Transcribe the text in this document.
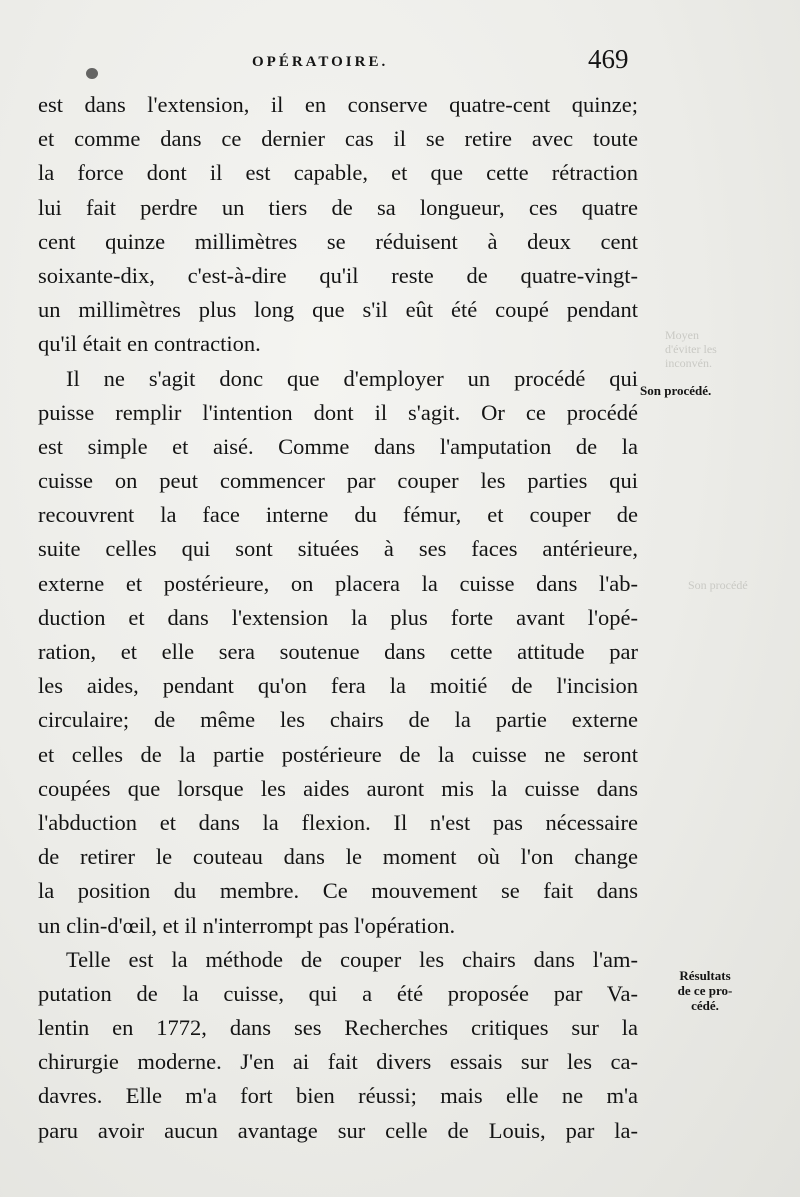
Moyen
d'éviter les
inconvén.
Son procédé
OPÉRATOIRE.	469
est dans l'extension, il en conserve quatre-cent quinze;
et comme dans ce dernier cas il se retire avec toute
la force dont il est capable, et que cette rétraction
lui fait perdre un tiers de sa longueur, ces quatre
cent quinze millimètres se réduisent à deux cent
soixante-dix, c'est-à-dire qu'il reste de quatre-vingt-
un millimètres plus long que s'il eût été coupé pendant
qu'il était en contraction.
Il ne s'agit donc que d'employer un procédé qui
puisse remplir l'intention dont il s'agit. Or ce procédé
est simple et aisé. Comme dans l'amputation de la
cuisse on peut commencer par couper les parties qui
recouvrent la face interne du fémur, et couper de
suite celles qui sont situées à ses faces antérieure,
externe et postérieure, on placera la cuisse dans l'ab-
duction et dans l'extension la plus forte avant l'opé-
ration, et elle sera soutenue dans cette attitude par
les aides, pendant qu'on fera la moitié de l'incision
circulaire; de même les chairs de la partie externe
et celles de la partie postérieure de la cuisse ne seront
coupées que lorsque les aides auront mis la cuisse dans
l'abduction et dans la flexion. Il n'est pas nécessaire
de retirer le couteau dans le moment où l'on change
la position du membre. Ce mouvement se fait dans
un clin-d'œil, et il n'interrompt pas l'opération.
Telle est la méthode de couper les chairs dans l'am-
putation de la cuisse, qui a été proposée par Va-
lentin en 1772, dans ses Recherches critiques sur la
chirurgie moderne. J'en ai fait divers essais sur les ca-
davres. Elle m'a fort bien réussi; mais elle ne m'a
paru avoir aucun avantage sur celle de Louis, par la-
Son procédé.
Résultats
de ce pro-
cédé.
